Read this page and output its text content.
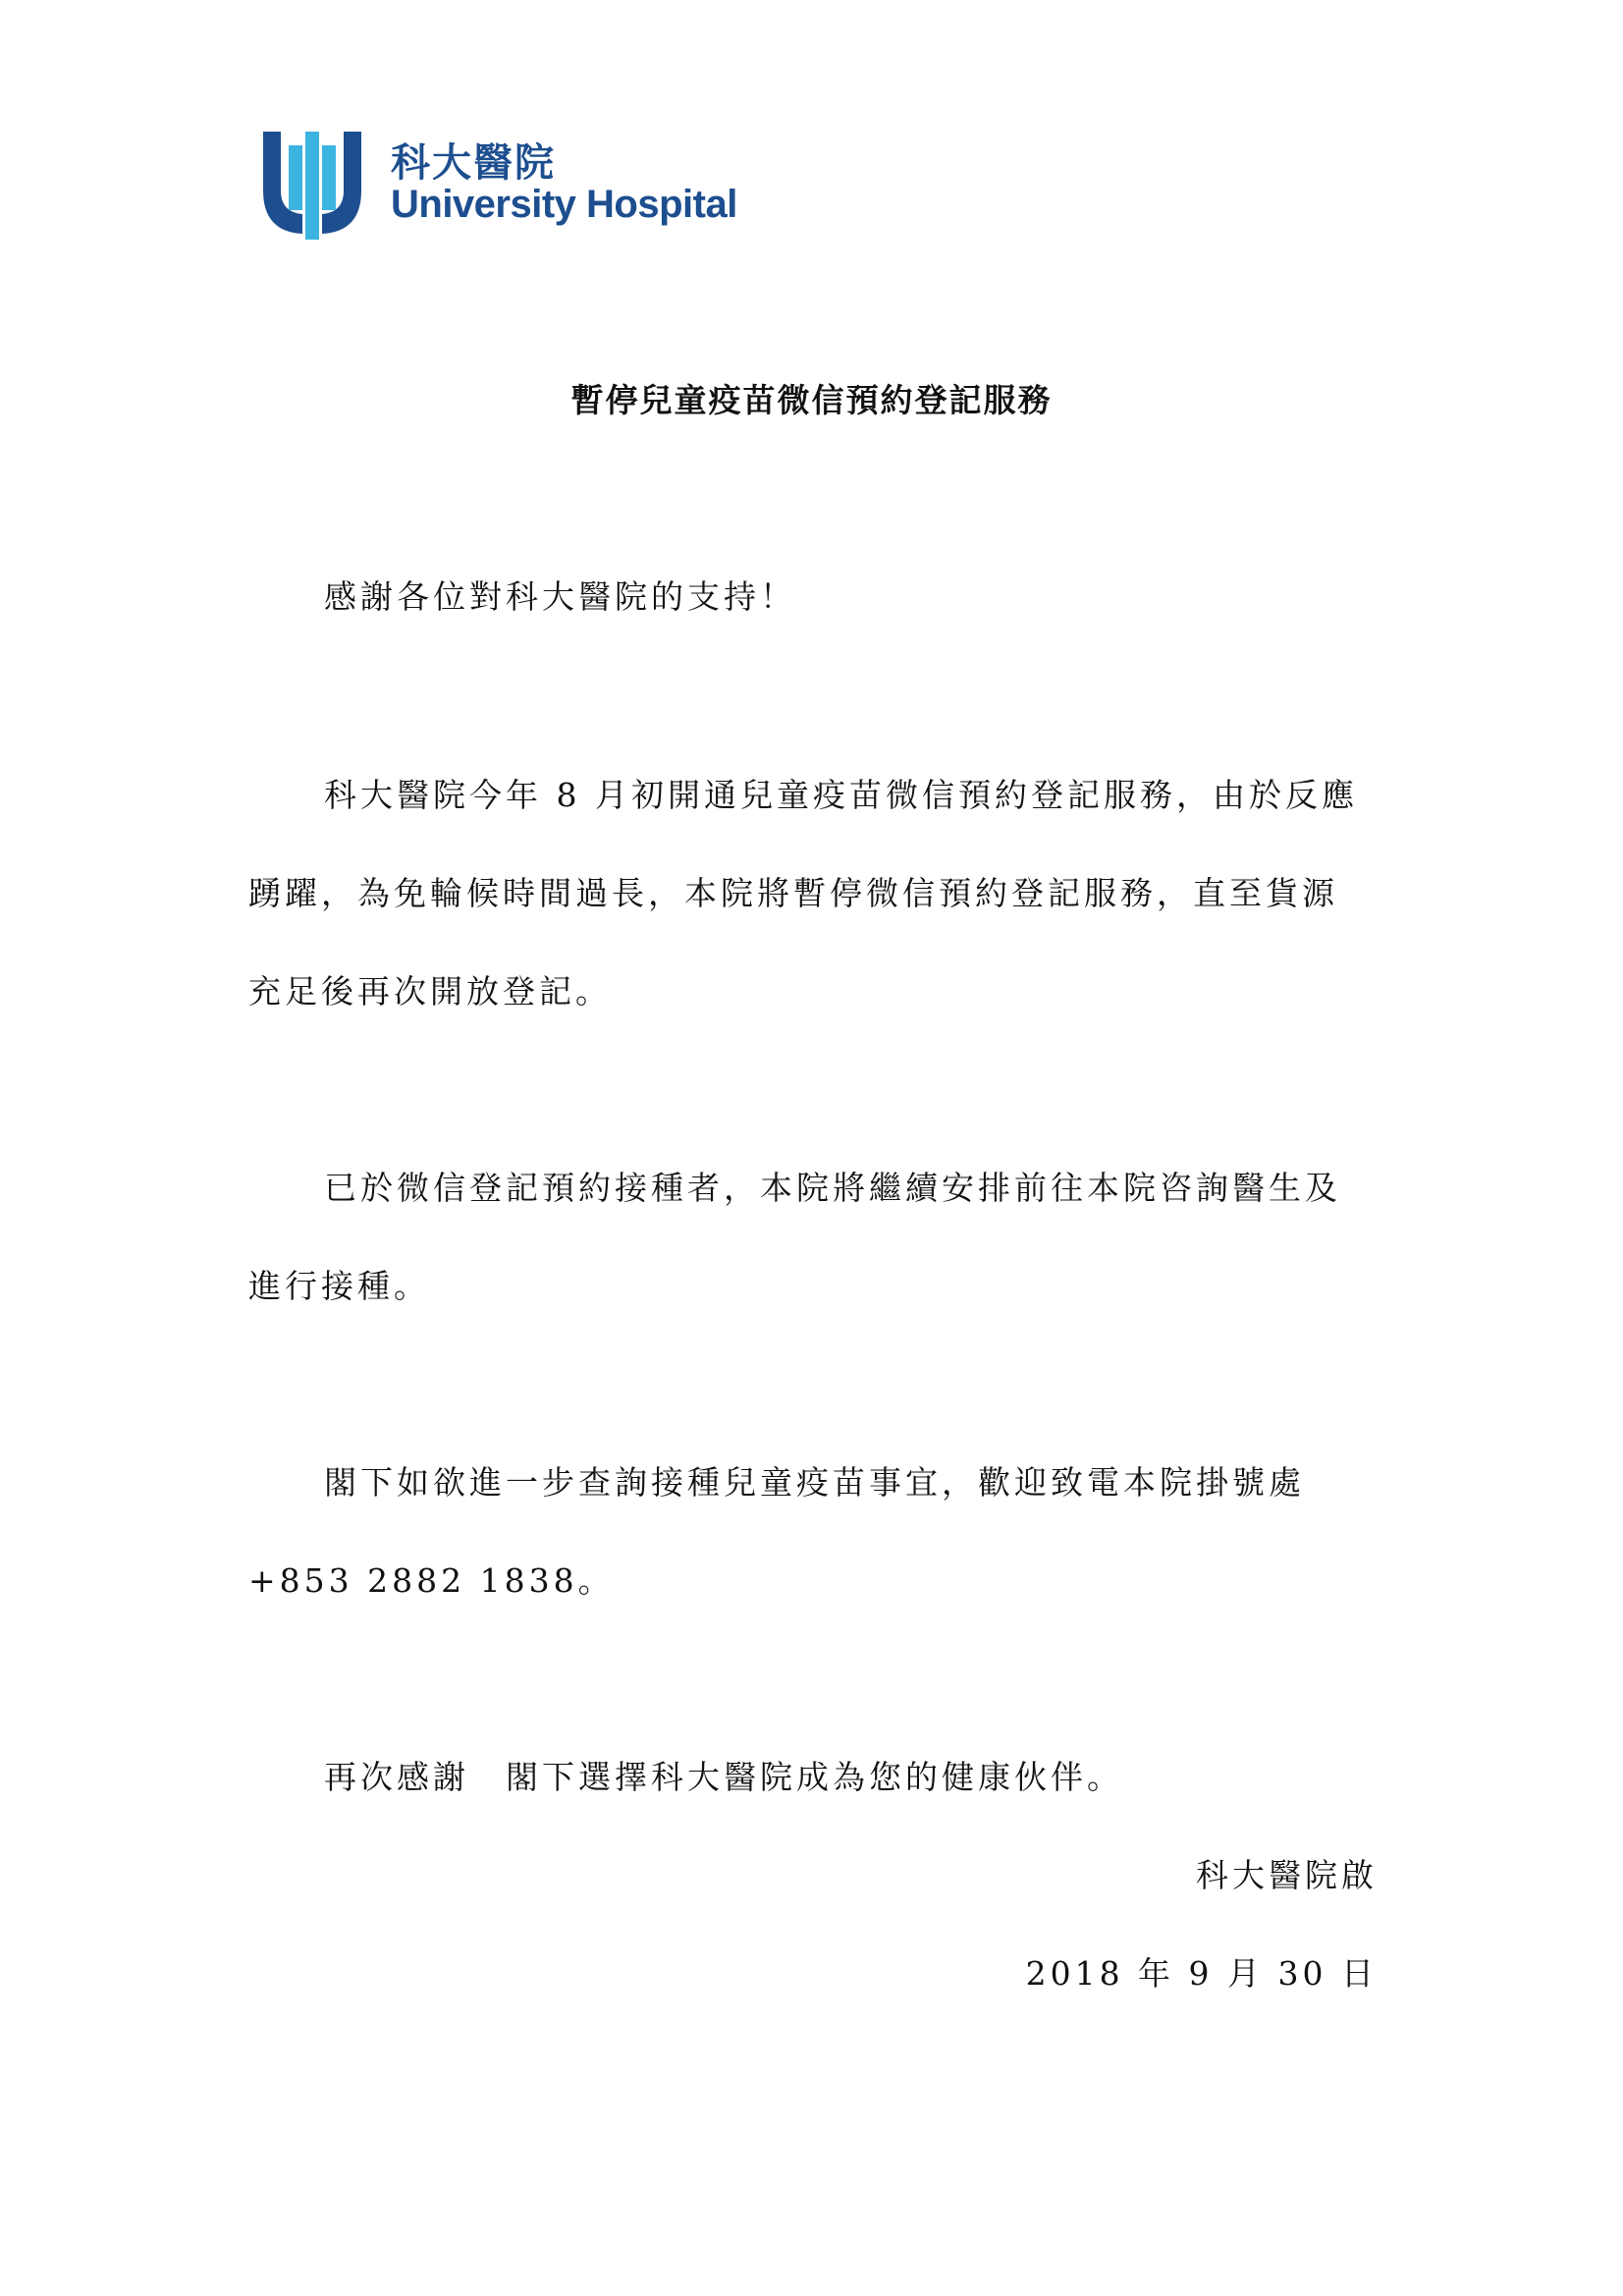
科大醫院
University Hospital
暫停兒童疫苗微信預約登記服務
感謝各位對科大醫院的支持！
科大醫院今年 8 月初開通兒童疫苗微信預約登記服務，由於反應
踴躍，為免輪候時間過長，本院將暫停微信預約登記服務，直至貨源
充足後再次開放登記。
已於微信登記預約接種者，本院將繼續安排前往本院咨詢醫生及
進行接種。
閣下如欲進一步查詢接種兒童疫苗事宜，歡迎致電本院掛號處
+853 2882 1838。
再次感謝　閣下選擇科大醫院成為您的健康伙伴。
科大醫院啟
2018 年 9 月 30 日
